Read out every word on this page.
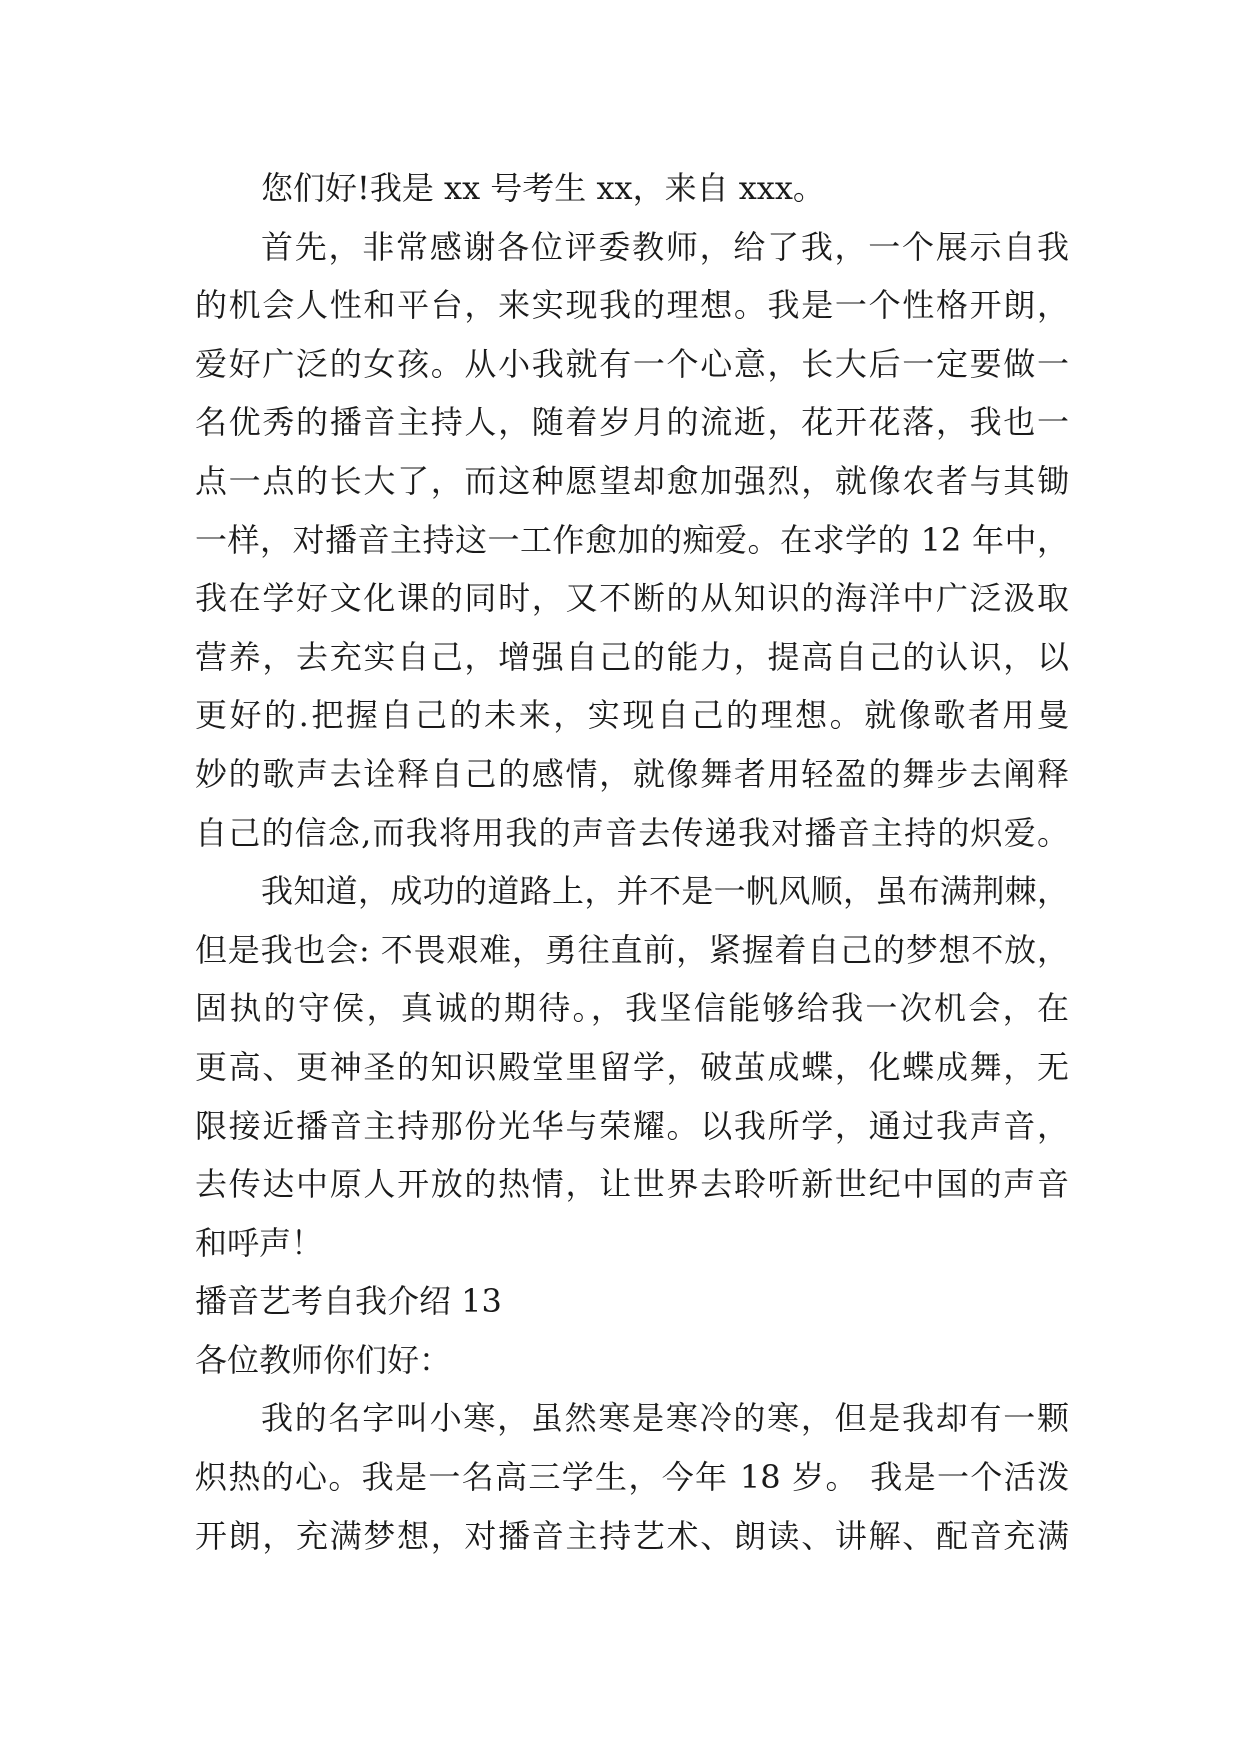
您们好!我是 xx 号考生 xx，来自 xxx。
首先，非常感谢各位评委教师，给了我，一个展示自我
的机会人性和平台，来实现我的理想。我是一个性格开朗，
爱好广泛的女孩。从小我就有一个心意，长大后一定要做一
名优秀的播音主持人，随着岁月的流逝，花开花落，我也一
点一点的长大了，而这种愿望却愈加强烈，就像农者与其锄
一样，对播音主持这一工作愈加的痴爱。在求学的 12 年中，
我在学好文化课的同时，又不断的从知识的海洋中广泛汲取
营养，去充实自己，增强自己的能力，提高自己的认识，以
更好的.把握自己的未来，实现自己的理想。就像歌者用曼
妙的歌声去诠释自己的感情，就像舞者用轻盈的舞步去阐释
自己的信念,而我将用我的声音去传递我对播音主持的炽爱。
我知道，成功的道路上，并不是一帆风顺，虽布满荆棘，
但是我也会: 不畏艰难，勇往直前，紧握着自己的梦想不放，
固执的守侯，真诚的期待。，我坚信能够给我一次机会，在
更高、更神圣的知识殿堂里留学，破茧成蝶，化蝶成舞，无
限接近播音主持那份光华与荣耀。以我所学，通过我声音，
去传达中原人开放的热情，让世界去聆听新世纪中国的声音
和呼声！
播音艺考自我介绍 13
各位教师你们好：
我的名字叫小寒，虽然寒是寒冷的寒，但是我却有一颗
炽热的心。我是一名高三学生，今年 18 岁。 我是一个活泼
开朗，充满梦想，对播音主持艺术、朗读、讲解、配音充满
